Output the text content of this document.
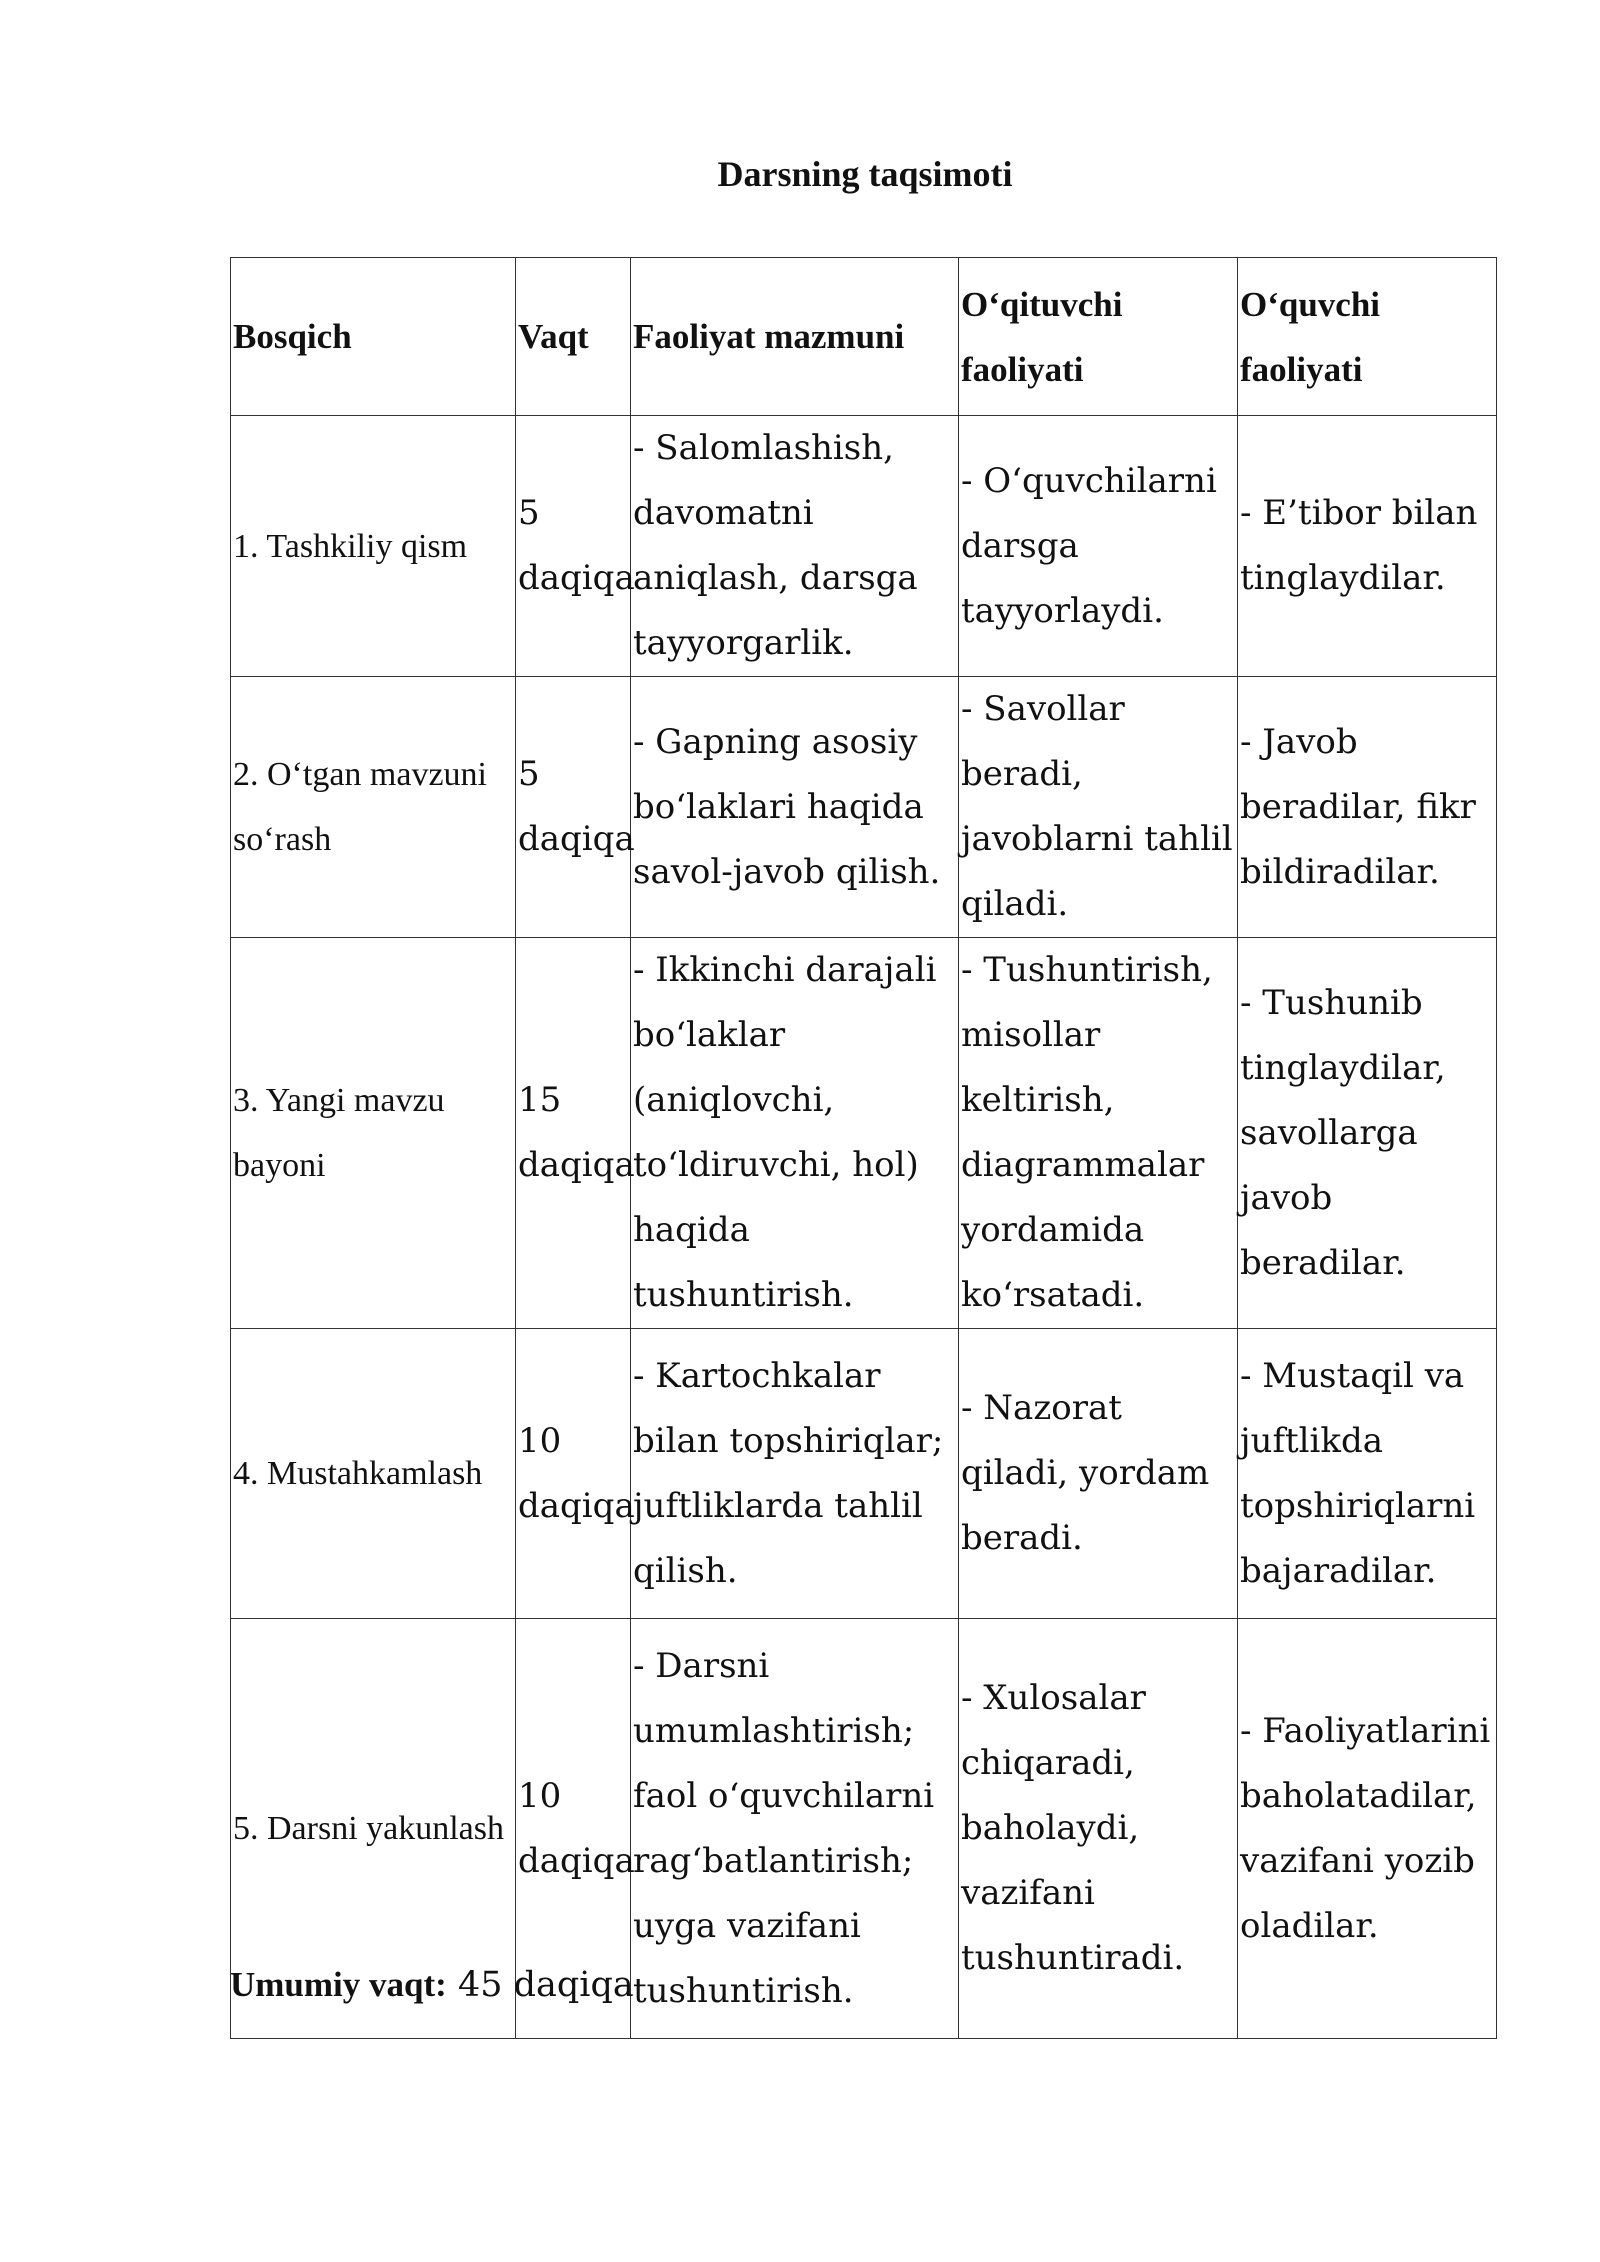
Darsning taqsimoti
Bosqich	Vaqt	Faoliyat mazmuni	O‘qituvchi faoliyati	O‘quvchi faoliyati
1. Tashkiliy qism	5 daqiqa	- Salomlashish, davomatni aniqlash, darsga tayyorgarlik.	- O‘quvchilarni darsga tayyorlaydi.	- E’tibor bilan tinglaydilar.
2. O‘tgan mavzuni so‘rash	5 daqiqa	- Gapning asosiy bo‘laklari haqida savol-javob qilish.	- Savollar beradi, javoblarni tahlil qiladi.	- Javob beradilar, fikr bildiradilar.
3. Yangi mavzu bayoni	15 daqiqa	- Ikkinchi darajali bo‘laklar (aniqlovchi, to‘ldiruvchi, hol) haqida tushuntirish.	- Tushuntirish, misollar keltirish, diagrammalar yordamida ko‘rsatadi.	- Tushunib tinglaydilar, savollarga javob beradilar.
4. Mustahkamlash	10 daqiqa	- Kartochkalar bilan topshiriqlar; juftliklarda tahlil qilish.	- Nazorat qiladi, yordam beradi.	- Mustaqil va juftlikda topshiriqlarni bajaradilar.
5. Darsni yakunlash	10 daqiqa	- Darsni umumlashtirish; faol o‘quvchilarni rag‘batlantirish; uyga vazifani tushuntirish.	- Xulosalar chiqaradi, baholaydi, vazifani tushuntiradi.	- Faoliyatlarini baholatadilar, vazifani yozib oladilar.
Umumiy vaqt: 45 daqiqa
